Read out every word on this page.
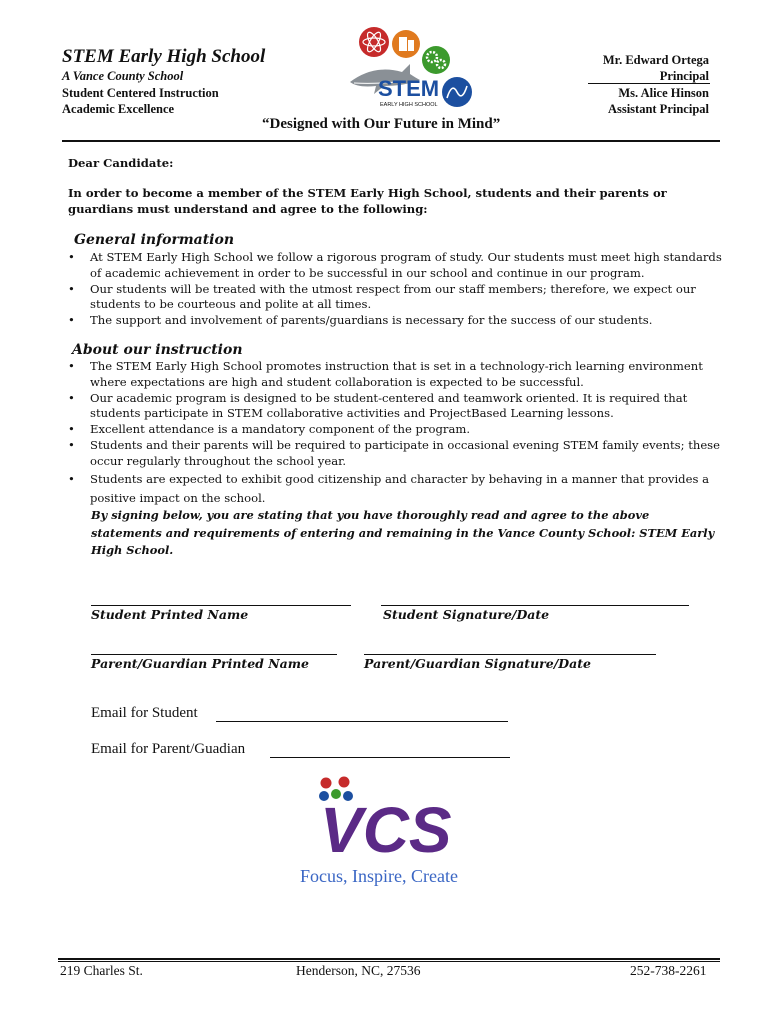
STEM Early High School
A Vance County School
Student Centered Instruction
Academic Excellence
STEM
EARLY HIGH SCHOOL
Mr. Edward Ortega
Principal
Ms. Alice Hinson
Assistant Principal
“Designed with Our Future in Mind”
Dear Candidate:
In order to become a member of the STEM Early High School, students and their parents or guardians must understand and agree to the following:
General information
• At STEM Early High School we follow a rigorous program of study. Our students must meet high standards of academic achievement in order to be successful in our school and continue in our program.
• Our students will be treated with the utmost respect from our staff members; therefore, we expect our students to be courteous and polite at all times.
• The support and involvement of parents/guardians is necessary for the success of our students.
About our instruction
• The STEM Early High School promotes instruction that is set in a technology-rich learning environment where expectations are high and student collaboration is expected to be successful.
• Our academic program is designed to be student-centered and teamwork oriented. It is required that students participate in STEM collaborative activities and ProjectBased Learning lessons.
• Excellent attendance is a mandatory component of the program.
• Students and their parents will be required to participate in occasional evening STEM family events; these occur regularly throughout the school year.
• Students are expected to exhibit good citizenship and character by behaving in a manner that provides a positive impact on the school.
By signing below, you are stating that you have thoroughly read and agree to the above statements and requirements of entering and remaining in the Vance County School: STEM Early High School.
Student Printed Name	Student Signature/Date
Parent/Guardian Printed Name	Parent/Guardian Signature/Date
Email for Student
Email for Parent/Guadian
VCS
Focus, Inspire, Create
219 Charles St.	Henderson, NC, 27536	252-738-2261
